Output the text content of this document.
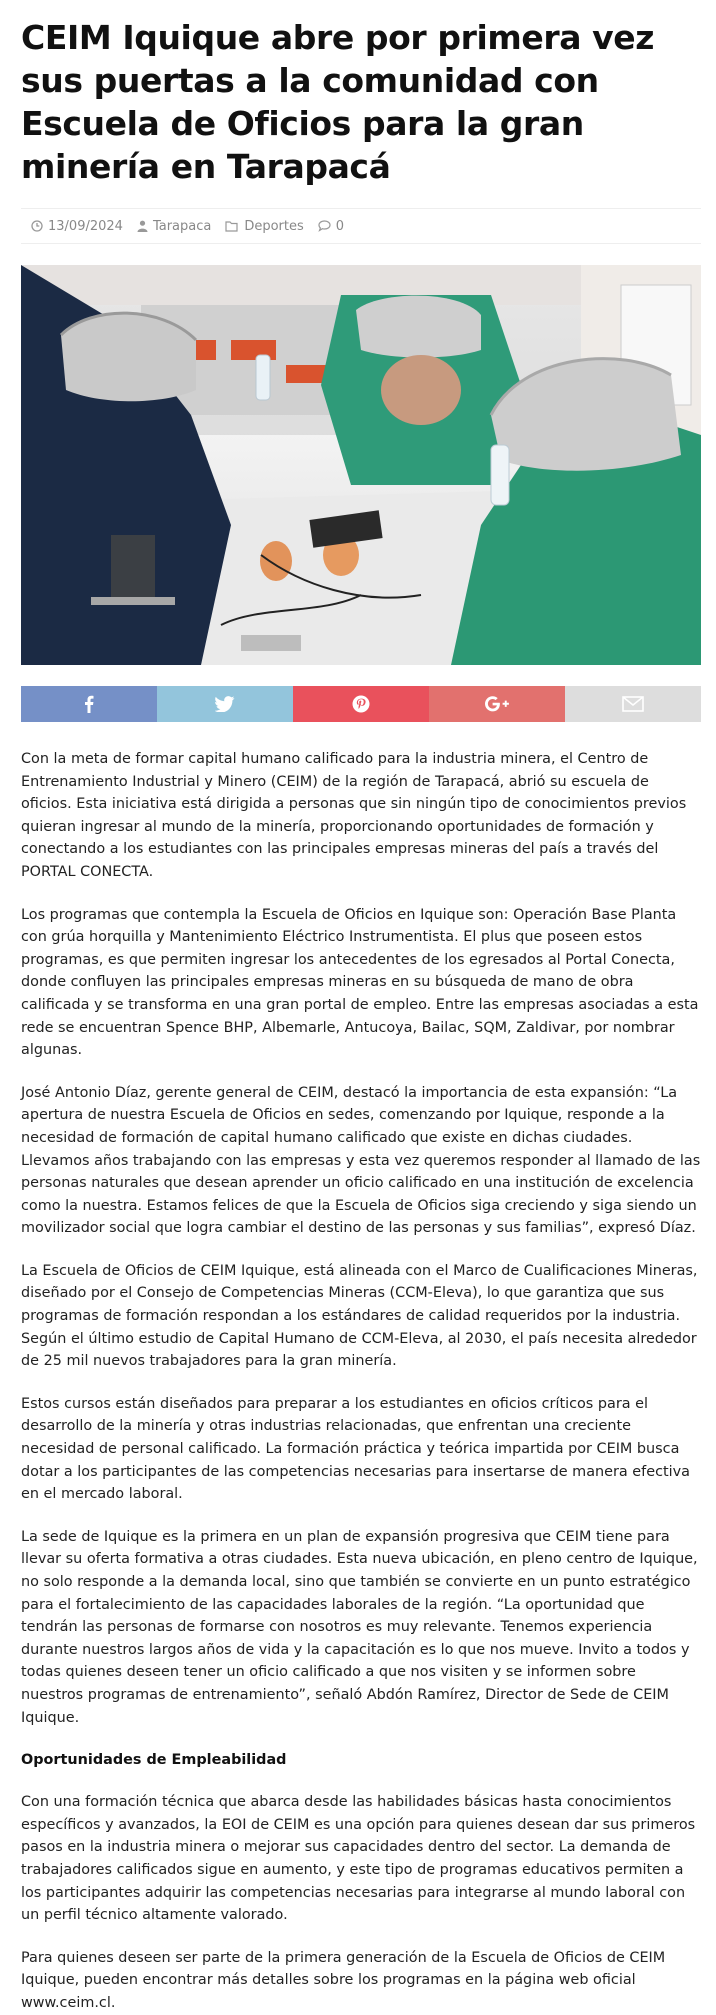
CEIM Iquique abre por primera vez sus puertas a la comunidad con Escuela de Oficios para la gran minería en Tarapacá
13/09/2024 Tarapaca	Deportes 0

Con la meta de formar capital humano calificado para la industria minera, el Centro de Entrenamiento Industrial y Minero (CEIM) de la región de Tarapacá, abrió su escuela de oficios. Esta iniciativa está dirigida a personas que sin ningún tipo de conocimientos previos quieran ingresar al mundo de la minería, proporcionando oportunidades de formación y conectando a los estudiantes con las principales empresas mineras del país a través del PORTAL CONECTA.

Los programas que contempla la Escuela de Oficios en Iquique son: Operación Base Planta con grúa horquilla y Mantenimiento Eléctrico Instrumentista. El plus que poseen estos programas, es que permiten ingresar los antecedentes de los egresados al Portal Conecta, donde confluyen las principales empresas mineras en su búsqueda de mano de obra calificada y se transforma en una gran portal de empleo. Entre las empresas asociadas a esta rede se encuentran Spence BHP, Albemarle, Antucoya, Bailac, SQM, Zaldivar, por nombrar algunas.

José Antonio Díaz, gerente general de CEIM, destacó la importancia de esta expansión: “La apertura de nuestra Escuela de Oficios en sedes, comenzando por Iquique, responde a la necesidad de formación de capital humano calificado que existe en dichas ciudades. Llevamos años trabajando con las empresas y esta vez queremos responder al llamado de las personas naturales que desean aprender un oficio calificado en una institución de excelencia como la nuestra. Estamos felices de que la Escuela de Oficios siga creciendo y siga siendo un movilizador social que logra cambiar el destino de las personas y sus familias”, expresó Díaz.

La Escuela de Oficios de CEIM Iquique, está alineada con el Marco de Cualificaciones Mineras, diseñado por el Consejo de Competencias Mineras (CCM-Eleva), lo que garantiza que sus programas de formación respondan a los estándares de calidad requeridos por la industria. Según el último estudio de Capital Humano de CCM-Eleva, al 2030, el país necesita alrededor de 25 mil nuevos trabajadores para la gran minería.

Estos cursos están diseñados para preparar a los estudiantes en oficios críticos para el desarrollo de la minería y otras industrias relacionadas, que enfrentan una creciente necesidad de personal calificado. La formación práctica y teórica impartida por CEIM busca dotar a los participantes de las competencias necesarias para insertarse de manera efectiva en el mercado laboral.

La sede de Iquique es la primera en un plan de expansión progresiva que CEIM tiene para llevar su oferta formativa a otras ciudades. Esta nueva ubicación, en pleno centro de Iquique, no solo responde a la demanda local, sino que también se convierte en un punto estratégico para el fortalecimiento de las capacidades laborales de la región. “La oportunidad que tendrán las personas de formarse con nosotros es muy relevante. Tenemos experiencia durante nuestros largos años de vida y la capacitación es lo que nos mueve. Invito a todos y todas quienes deseen tener un oficio calificado a que nos visiten y se informen sobre nuestros programas de entrenamiento”, señaló Abdón Ramírez, Director de Sede de CEIM Iquique.

Oportunidades de Empleabilidad

Con una formación técnica que abarca desde las habilidades básicas hasta conocimientos específicos y avanzados, la EOI de CEIM es una opción para quienes desean dar sus primeros pasos en la industria minera o mejorar sus capacidades dentro del sector. La demanda de trabajadores calificados sigue en aumento, y este tipo de programas educativos permiten a los participantes adquirir las competencias necesarias para integrarse al mundo laboral con un perfil técnico altamente valorado.

Para quienes deseen ser parte de la primera generación de la Escuela de Oficios de CEIM Iquique, pueden encontrar más detalles sobre los programas en la página web oficial www.ceim.cl.
